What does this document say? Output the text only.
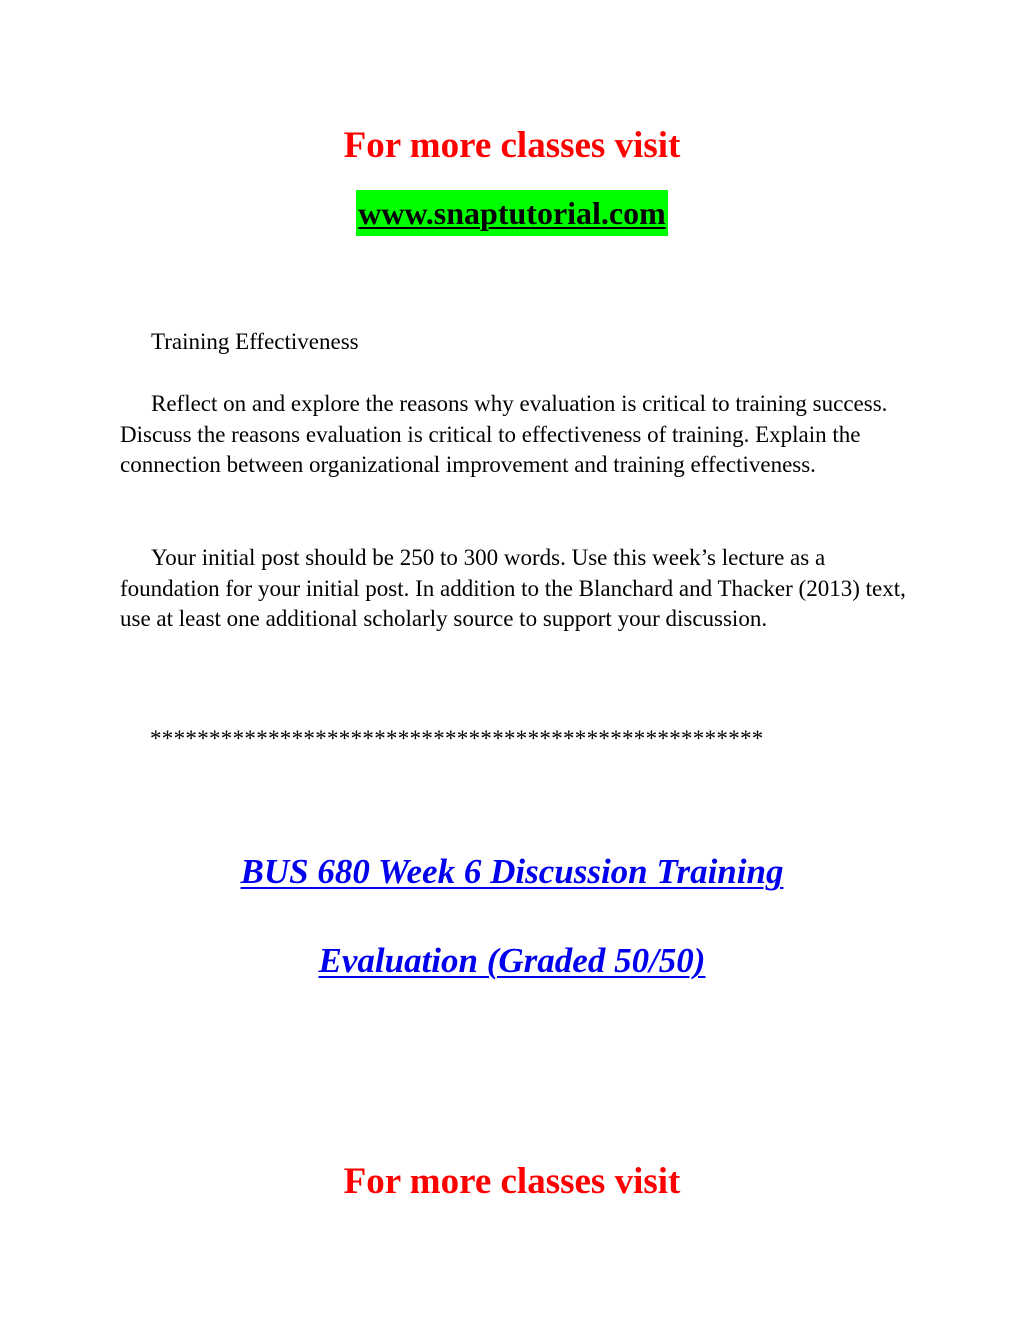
For more classes visit

www.snaptutorial.com

Training Effectiveness

Reflect on and explore the reasons why evaluation is critical to training success. Discuss the reasons evaluation is critical to effectiveness of training. Explain the connection between organizational improvement and training effectiveness.

Your initial post should be 250 to 300 words. Use this week’s lecture as a foundation for your initial post. In addition to the Blanchard and Thacker (2013) text, use at least one additional scholarly source to support your discussion.

****************************************************

BUS 680 Week 6 Discussion Training
Evaluation (Graded 50/50)

For more classes visit
